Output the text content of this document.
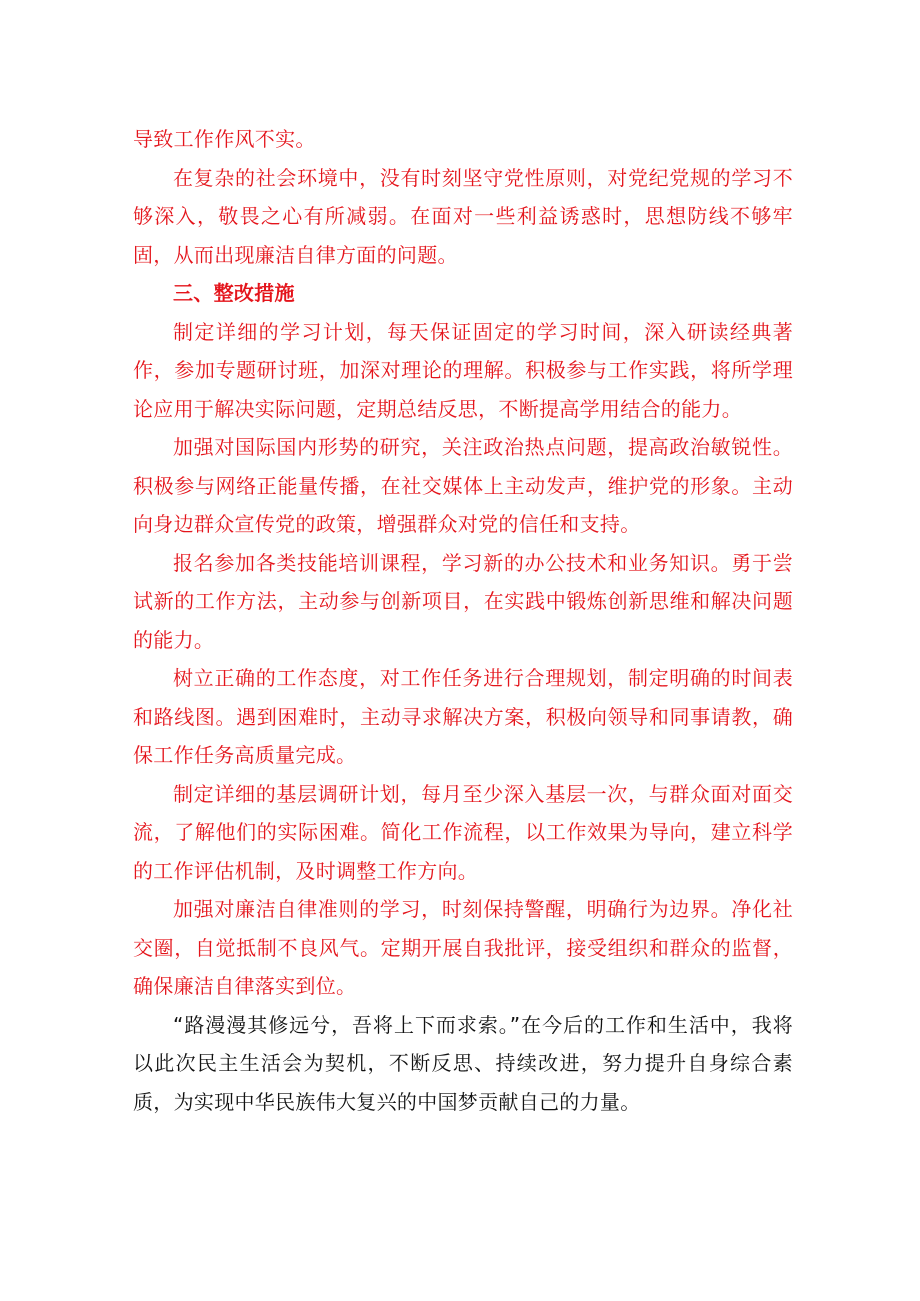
导致工作作风不实。

在复杂的社会环境中，没有时刻坚守党性原则，对党纪党规的学习不够深入，敬畏之心有所减弱。在面对一些利益诱惑时，思想防线不够牢固，从而出现廉洁自律方面的问题。

三、整改措施

制定详细的学习计划，每天保证固定的学习时间，深入研读经典著作，参加专题研讨班，加深对理论的理解。积极参与工作实践，将所学理论应用于解决实际问题，定期总结反思，不断提高学用结合的能力。

加强对国际国内形势的研究，关注政治热点问题，提高政治敏锐性。积极参与网络正能量传播，在社交媒体上主动发声，维护党的形象。主动向身边群众宣传党的政策，增强群众对党的信任和支持。

报名参加各类技能培训课程，学习新的办公技术和业务知识。勇于尝试新的工作方法，主动参与创新项目，在实践中锻炼创新思维和解决问题的能力。

树立正确的工作态度，对工作任务进行合理规划，制定明确的时间表和路线图。遇到困难时，主动寻求解决方案，积极向领导和同事请教，确保工作任务高质量完成。

制定详细的基层调研计划，每月至少深入基层一次，与群众面对面交流，了解他们的实际困难。简化工作流程，以工作效果为导向，建立科学的工作评估机制，及时调整工作方向。

加强对廉洁自律准则的学习，时刻保持警醒，明确行为边界。净化社交圈，自觉抵制不良风气。定期开展自我批评，接受组织和群众的监督，确保廉洁自律落实到位。

“路漫漫其修远兮，吾将上下而求索。”在今后的工作和生活中，我将以此次民主生活会为契机，不断反思、持续改进，努力提升自身综合素质，为实现中华民族伟大复兴的中国梦贡献自己的力量。
